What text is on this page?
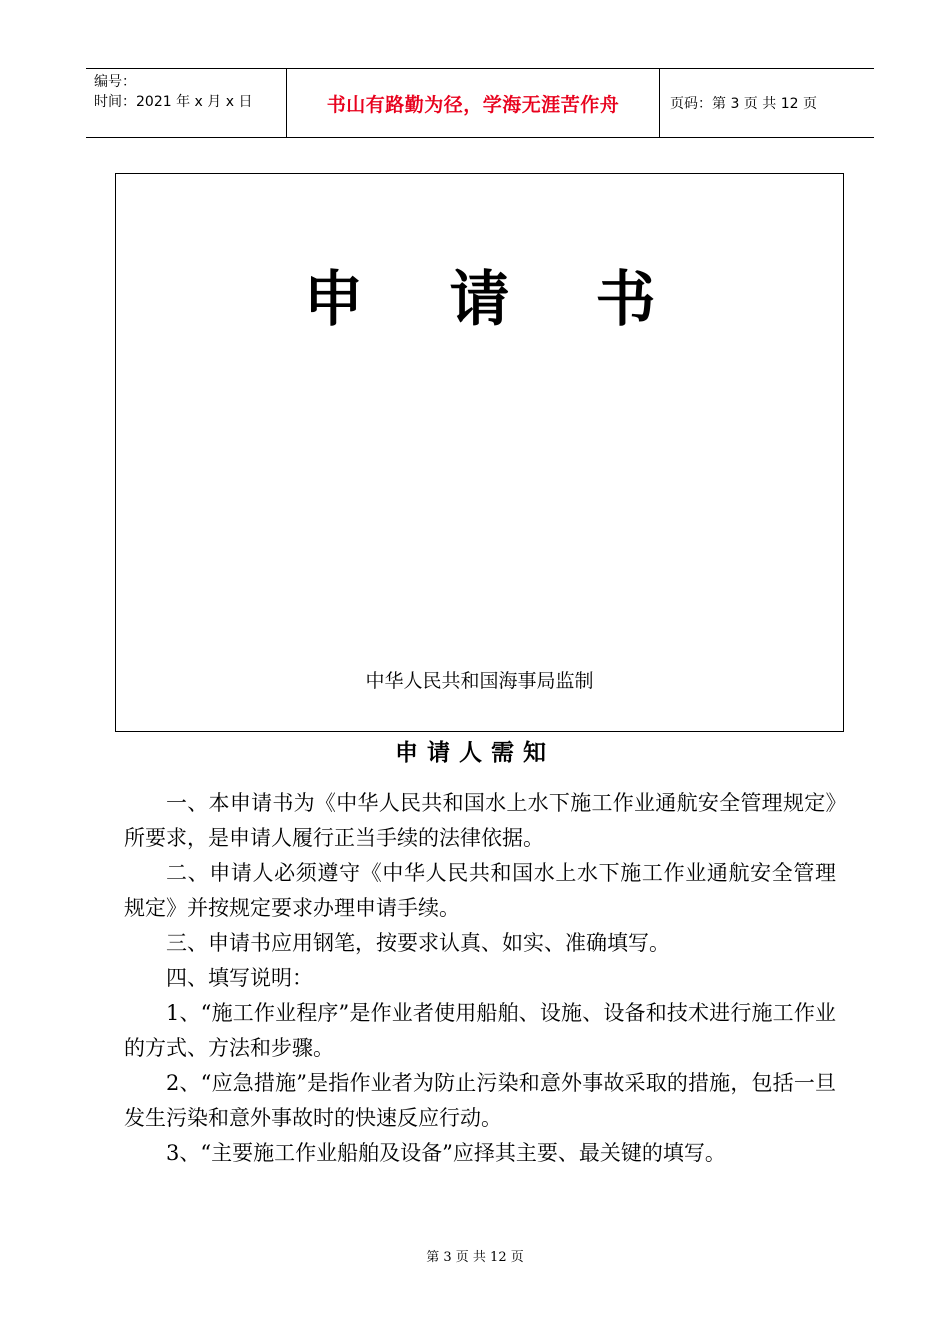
编号：
时间：2021 年 x 月 x 日	书山有路勤为径，学海无涯苦作舟	页码：第 3 页 共 12 页
申 请 书
中华人民共和国海事局监制
申请人需知

一、本申请书为《中华人民共和国水上水下施工作业通航安全管理规定》所要求，是申请人履行正当手续的法律依据。

二、申请人必须遵守《中华人民共和国水上水下施工作业通航安全管理规定》并按规定要求办理申请手续。

三、申请书应用钢笔，按要求认真、如实、准确填写。

四、填写说明：

1、“施工作业程序”是作业者使用船舶、设施、设备和技术进行施工作业的方式、方法和步骤。

2、“应急措施”是指作业者为防止污染和意外事故采取的措施，包括一旦发生污染和意外事故时的快速反应行动。

3、“主要施工作业船舶及设备”应择其主要、最关键的填写。

第 3 页 共 12 页
